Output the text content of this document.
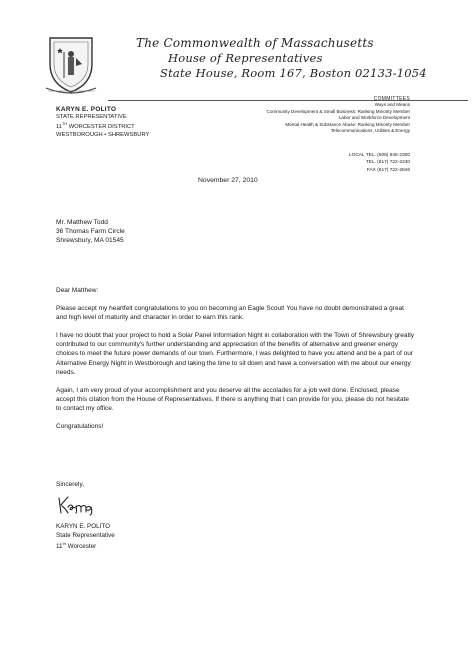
The Commonwealth of Massachusetts
House of Representatives
State House, Room 167, Boston 02133-1054
KARYN E. POLITO
STATE REPRESENTATIVE
11TH WORCESTER DISTRICT
WESTBOROUGH • SHREWSBURY
COMMITTEES
Ways and Means
Community Development & Small Business: Ranking Minority Member
Labor and Workforce Development
Mental Health & Substance Abuse: Ranking Minority Member
Telecommunications, Utilities & Energy
LOCAL TEL. (508) 845-2300
TEL. (617) 722-2230
FAX (617) 722-2846
November 27, 2010
Mr. Matthew Todd
36 Thomas Farm Circle
Shrewsbury, MA 01545

Dear Matthew:

Please accept my heartfelt congratulations to you on becoming an Eagle Scout! You have no doubt demonstrated a great and high level of maturity and character in order to earn this rank.

I have no doubt that your project to hold a Solar Panel Information Night in collaboration with the Town of Shrewsbury greatly contributed to our community's further understanding and appreciation of the benefits of alternative and greener energy choices to meet the future power demands of our town. Furthermore, I was delighted to have you attend and be a part of our Alternative Energy Night in Westborough and taking the time to sit down and have a conversation with me about our energy needs.

Again, I am very proud of your accomplishment and you deserve all the accolades for a job well done. Enclosed, please accept this citation from the House of Representatives. If there is anything that I can provide for you, please do not hesitate to contact my office.

Congratulations!

Sincerely,
KARYN E. POLITO
State Representative
11th Worcester
